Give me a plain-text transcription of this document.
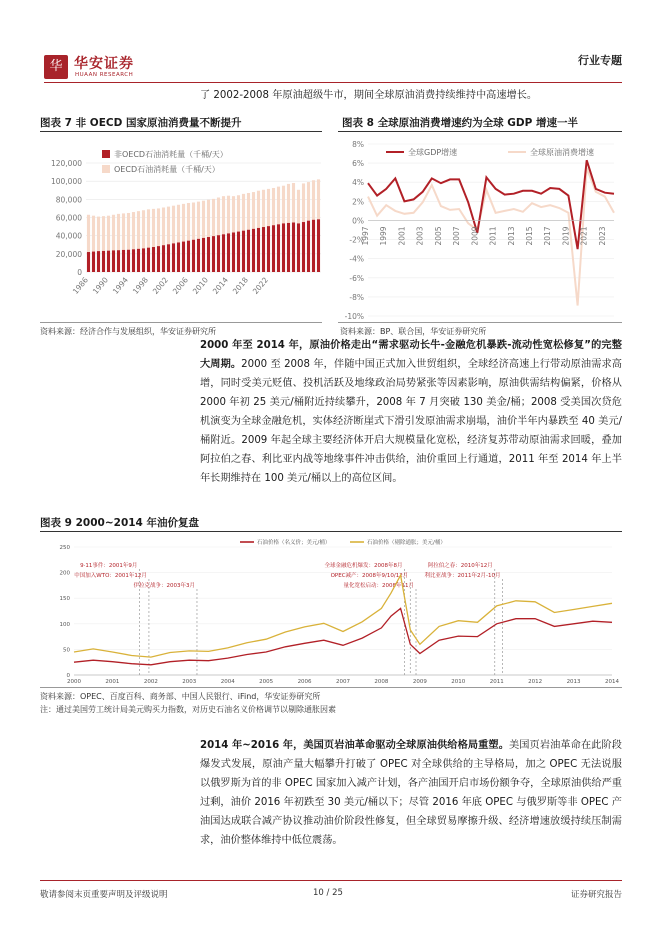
华 华安证券
HUAAN RESEARCH
行业专题
了 2002-2008 年原油超级牛市，期间全球原油消费持续维持中高速增长。
图表 7 非 OECD 国家原油消费量不断提升
非OECD石油消耗量（千桶/天）
OECD石油消耗量（千桶/天）
0
20,000
40,000
60,000
80,000
100,000
120,000
1986 1990 1994 1998 2002 2006 2010 2014 2018 2022
资料来源：经济合作与发展组织，华安证券研究所
图表 8 全球原油消费增速约为全球 GDP 增速一半
全球GDP增速	全球原油消费增速
8%
6%
4%
2%
0%
-2%
-4%
-6%
-8%
-10%
1997 1999 2001 2003 2005 2007 2009 2011 2013 2015 2017 2019 2021 2023
资料来源：BP、联合国，华安证券研究所
2000 年至 2014 年，原油价格走出“需求驱动长牛-金融危机暴跌-流动性宽松修复”的完整大周期。2000 至 2008 年，伴随中国正式加入世贸组织，全球经济高速上行带动原油需求高增，同时受美元贬值、投机活跃及地缘政治局势紧张等因素影响，原油供需结构偏紧，价格从 2000 年初 25 美元/桶附近持续攀升，2008 年 7 月突破 130 美金/桶；2008 受美国次贷危机演变为全球金融危机，实体经济断崖式下滑引发原油需求崩塌，油价半年内暴跌至 40 美元/桶附近。2009 年起全球主要经济体开启大规模量化宽松，经济复苏带动原油需求回暖，叠加阿拉伯之春、利比亚内战等地缘事件冲击供给，油价重回上行通道，2011 年至 2014 年上半年长期维持在 100 美元/桶以上的高位区间。
图表 9 2000~2014 年油价复盘
石油价格（名义价；美元/桶）	石油价格（剔除通胀；美元/桶）
0
50
100
150
200
250
9·11事件：2001年9月
中国加入WTO：2001年12月
伊拉克战争：2003年3月
全球金融危机爆发：2008年8月
OPEC减产：2008年9/10/12月
量化宽松启动：2008年11月
阿拉伯之春：2010年12月
利比亚战争：2011年2月-10月
2000	2001	2002	2003	2004	2005	2006	2007	2008	2009	2010	2011	2012	2013	2014
资料来源：OPEC、百度百科、商务部、中国人民银行、iFind，华安证券研究所
注：通过美国劳工统计局美元购买力指数，对历史石油名义价格调节以剔除通胀因素
2014 年~2016 年，美国页岩油革命驱动全球原油供给格局重塑。美国页岩油革命在此阶段爆发式发展，原油产量大幅攀升打破了 OPEC 对全球供给的主导格局，加之 OPEC 无法说服以俄罗斯为首的非 OPEC 国家加入减产计划，各产油国开启市场份额争夺，全球原油供给严重过剩，油价 2016 年初跌至 30 美元/桶以下；尽管 2016 年底 OPEC 与俄罗斯等非 OPEC 产油国达成联合减产协议推动油价阶段性修复，但全球贸易摩擦升级、经济增速放缓持续压制需求，油价整体维持中低位震荡。
敬请参阅末页重要声明及评级说明	10 / 25	证券研究报告
